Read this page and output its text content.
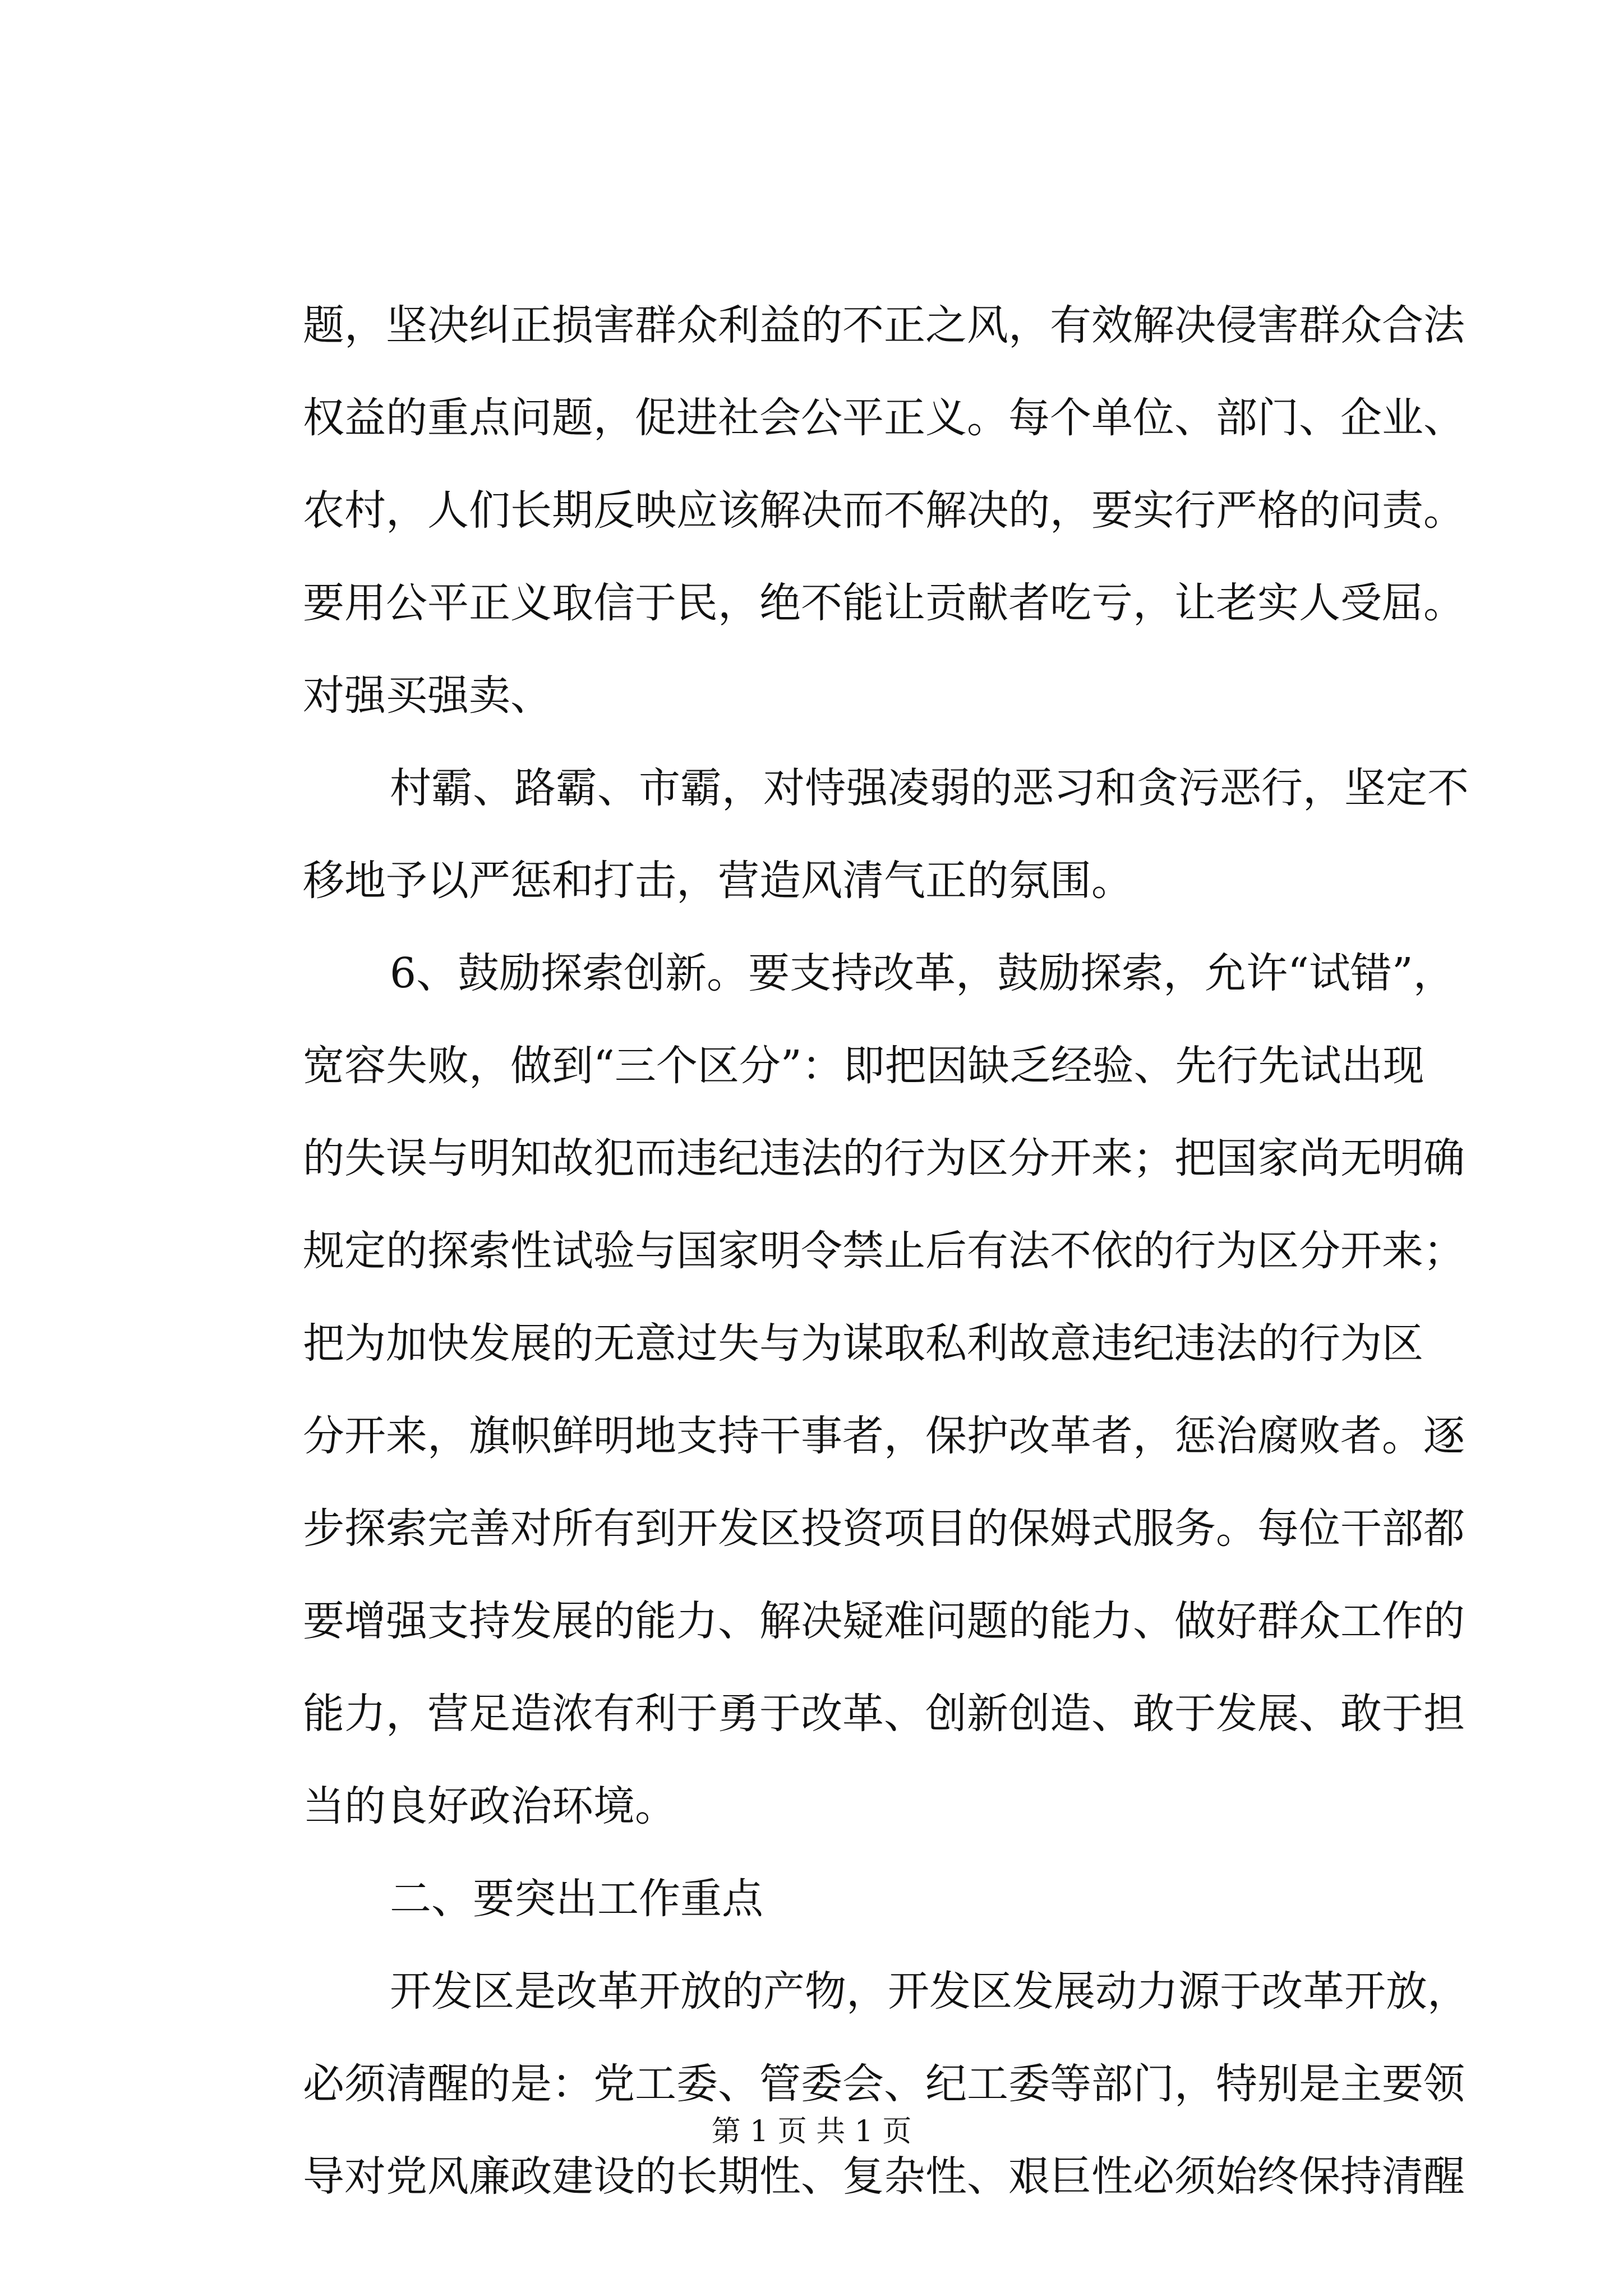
题，坚决纠正损害群众利益的不正之风，有效解决侵害群众合法
权益的重点问题，促进社会公平正义。每个单位、部门、企业、
农村，人们长期反映应该解决而不解决的，要实行严格的问责。
要用公平正义取信于民，绝不能让贡献者吃亏，让老实人受屈。
对强买强卖、
村霸、路霸、市霸，对恃强凌弱的恶习和贪污恶行，坚定不
移地予以严惩和打击，营造风清气正的氛围。
6、鼓励探索创新。要支持改革，鼓励探索，允许“试错”，
宽容失败，做到“三个区分”：即把因缺乏经验、先行先试出现
的失误与明知故犯而违纪违法的行为区分开来；把国家尚无明确
规定的探索性试验与国家明令禁止后有法不依的行为区分开来；
把为加快发展的无意过失与为谋取私利故意违纪违法的行为区
分开来，旗帜鲜明地支持干事者，保护改革者，惩治腐败者。逐
步探索完善对所有到开发区投资项目的保姆式服务。每位干部都
要增强支持发展的能力、解决疑难问题的能力、做好群众工作的
能力，营足造浓有利于勇于改革、创新创造、敢于发展、敢于担
当的良好政治环境。
二、要突出工作重点
开发区是改革开放的产物，开发区发展动力源于改革开放，
必须清醒的是：党工委、管委会、纪工委等部门，特别是主要领
导对党风廉政建设的长期性、复杂性、艰巨性必须始终保持清醒
第 1 页 共 1 页
